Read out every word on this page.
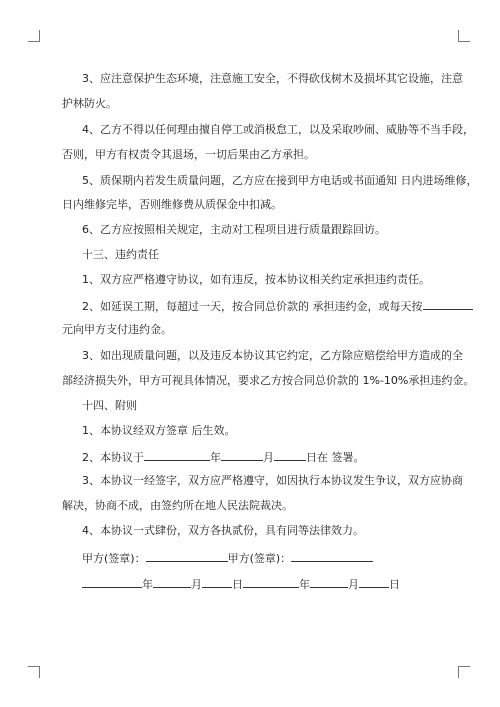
3、应注意保护生态环境，注意施工安全，不得砍伐树木及损坏其它设施，注意
护林防火。
4、乙方不得以任何理由擅自停工或消极怠工，以及采取吵闹、威胁等不当手段，
否则，甲方有权责令其退场，一切后果由乙方承担。
5、质保期内若发生质量问题，乙方应在接到甲方电话或书面通知 日内进场维修，
日内维修完毕，否则维修费从质保金中扣减。
6、乙方应按照相关规定，主动对工程项目进行质量跟踪回访。
十三、违约责任
1、双方应严格遵守协议，如有违反，按本协议相关约定承担违约责任。
2、如延误工期，每超过一天，按合同总价款的 承担违约金，或每天按
元向甲方支付违约金。
3、如出现质量问题，以及违反本协议其它约定，乙方除应赔偿给甲方造成的全
部经济损失外，甲方可视具体情况，要求乙方按合同总价款的 1%-10%承担违约金。
十四、附则
1、本协议经双方签章 后生效。
2、本协议于	年	月	日在 签署。
3、本协议一经签字，双方应严格遵守，如因执行本协议发生争议，双方应协商
解决，协商不成，由签约所在地人民法院裁决。
4、本协议一式肆份，双方各执贰份，具有同等法律效力。
甲方(签章)：	甲方(签章)：
年	月	日	年	月	日
